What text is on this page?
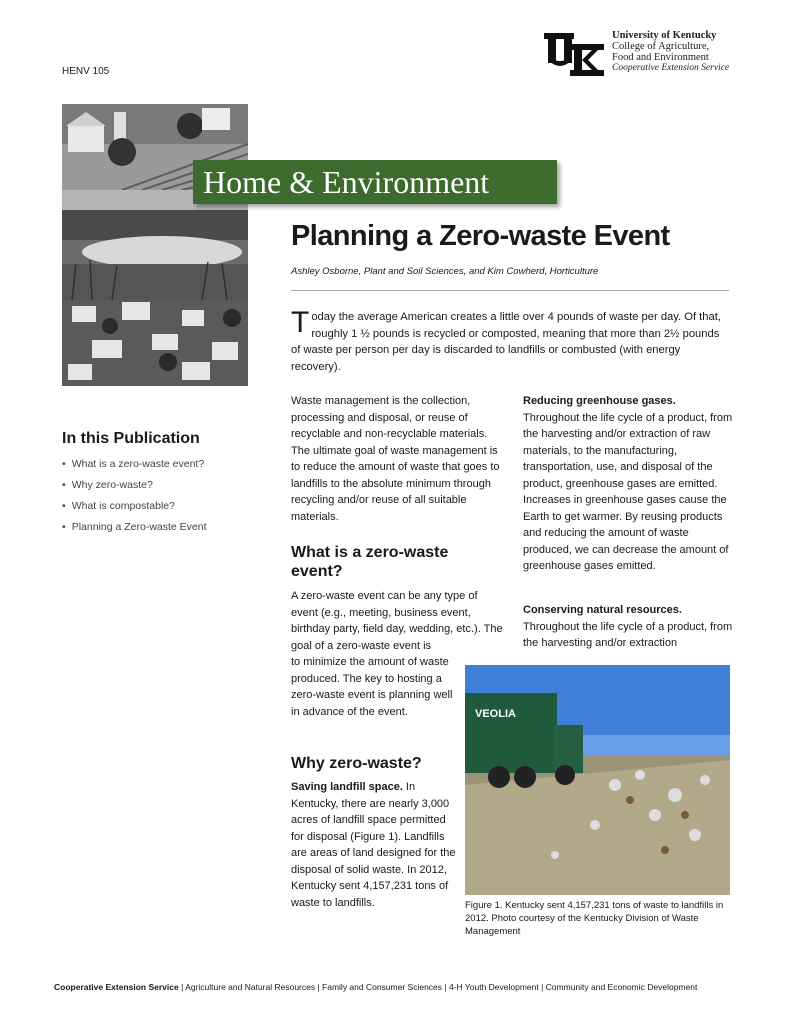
HENV 105
University of Kentucky
College of Agriculture,
Food and Environment
Cooperative Extension Service
Home & Environment
Planning a Zero-waste Event
Ashley Osborne, Plant and Soil Sciences, and Kim Cowherd, Horticulture
Today the average American creates a little over 4 pounds of waste per day. Of that, roughly 1 ½ pounds is recycled or composted, meaning that more than 2½ pounds of waste per person per day is discarded to landfills or combusted (with energy recovery).
In this Publication
• What is a zero-waste event?
• Why zero-waste?
• What is compostable?
• Planning a Zero-waste Event
Waste management is the collection, processing and disposal, or reuse of recyclable and non-recyclable materials. The ultimate goal of waste management is to reduce the amount of waste that goes to landfills to the absolute minimum through recycling and/or reuse of all suitable materials.
What is a zero-waste event?
A zero-waste event can be any type of event (e.g., meeting, business event, birthday party, field day, wedding, etc.). The goal of a zero-waste event is
to minimize the amount of waste produced. The key to hosting a zero-waste event is planning well in advance of the event.
Why zero-waste?
Saving landfill space. In Kentucky, there are nearly 3,000 acres of landfill space permitted for disposal (Figure 1). Landfills are areas of land designed for the disposal of solid waste. In 2012, Kentucky sent 4,157,231 tons of waste to landfills.
Reducing greenhouse gases.
Throughout the life cycle of a product, from the harvesting and/or extraction of raw materials, to the manufacturing, transportation, use, and disposal of the product, greenhouse gases are emitted. Increases in greenhouse gases cause the Earth to get warmer. By reusing products and reducing the amount of waste produced, we can decrease the amount of greenhouse gases emitted.
Conserving natural resources.
Throughout the life cycle of a product, from the harvesting and/or extraction
VEOLIA
Figure 1. Kentucky sent 4,157,231 tons of waste to landfills in 2012. Photo courtesy of the Kentucky Division of Waste Management
Cooperative Extension Service | Agriculture and Natural Resources | Family and Consumer Sciences | 4-H Youth Development | Community and Economic Development
